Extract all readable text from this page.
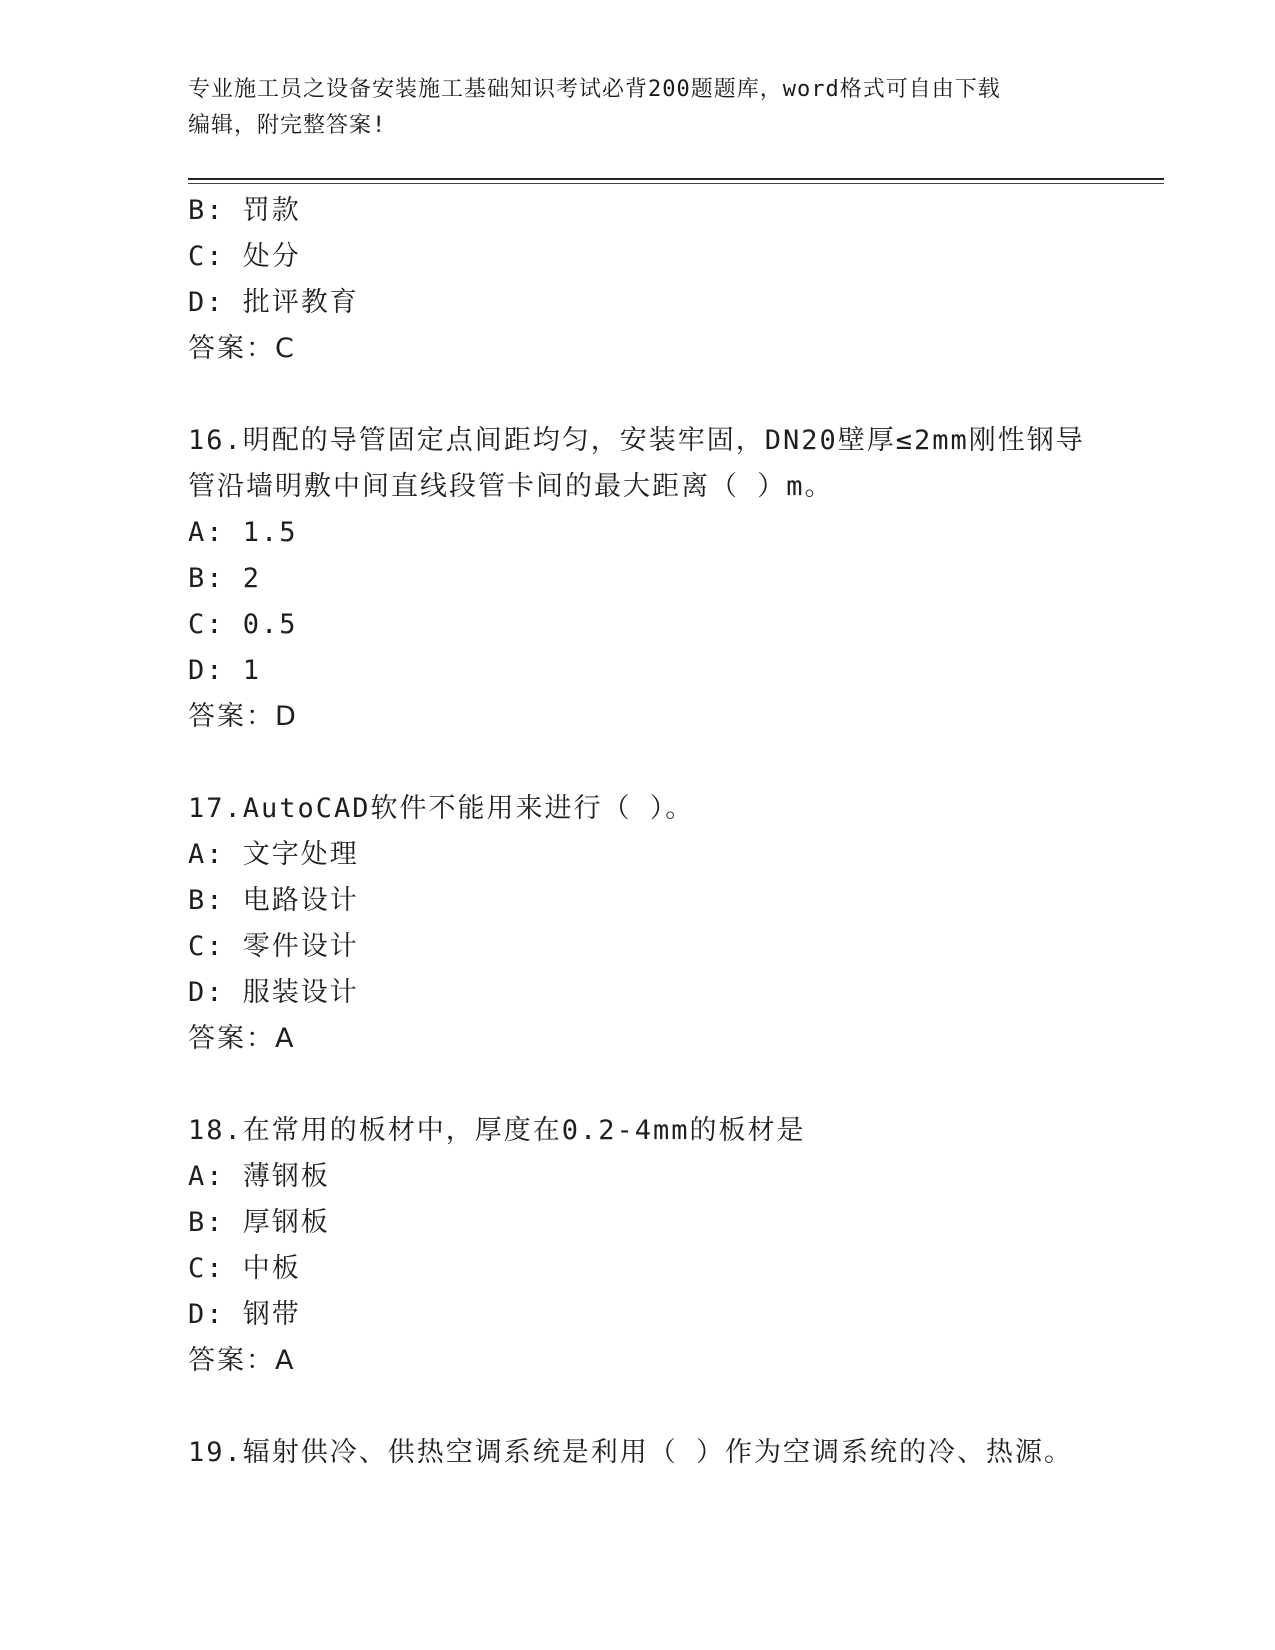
专业施工员之设备安装施工基础知识考试必背200题题库，word格式可自由下载
编辑，附完整答案!
B: 罚款
C: 处分
D: 批评教育
答案：C
16.明配的导管固定点间距均匀，安装牢固，DN20壁厚≤2mm刚性钢导
管沿墙明敷中间直线段管卡间的最大距离（ ）m。
A: 1.5
B: 2
C: 0.5
D: 1
答案：D
17.AutoCAD软件不能用来进行（ ）。
A: 文字处理
B: 电路设计
C: 零件设计
D: 服装设计
答案：A
18.在常用的板材中，厚度在0.2-4mm的板材是
A: 薄钢板
B: 厚钢板
C: 中板
D: 钢带
答案：A
19.辐射供冷、供热空调系统是利用（ ）作为空调系统的冷、热源。
